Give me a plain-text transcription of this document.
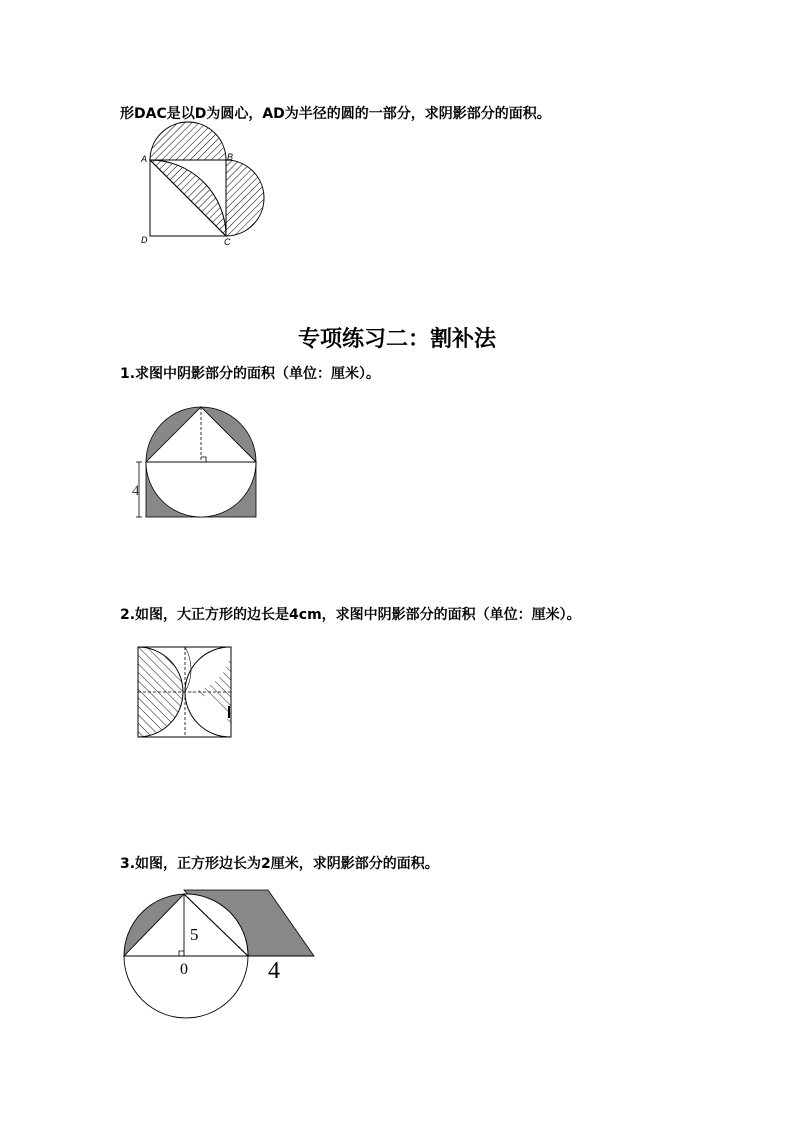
形DAC是以D为圆心，AD为半径的圆的一部分，求阴影部分的面积。
A	B
C
D
专项练习二：割补法
1.求图中阴影部分的面积（单位：厘米）。
4
2.如图，大正方形的边长是4cm，求图中阴影部分的面积（单位：厘米）。
3.如图，正方形边长为2厘米，求阴影部分的面积。
5
0	4
